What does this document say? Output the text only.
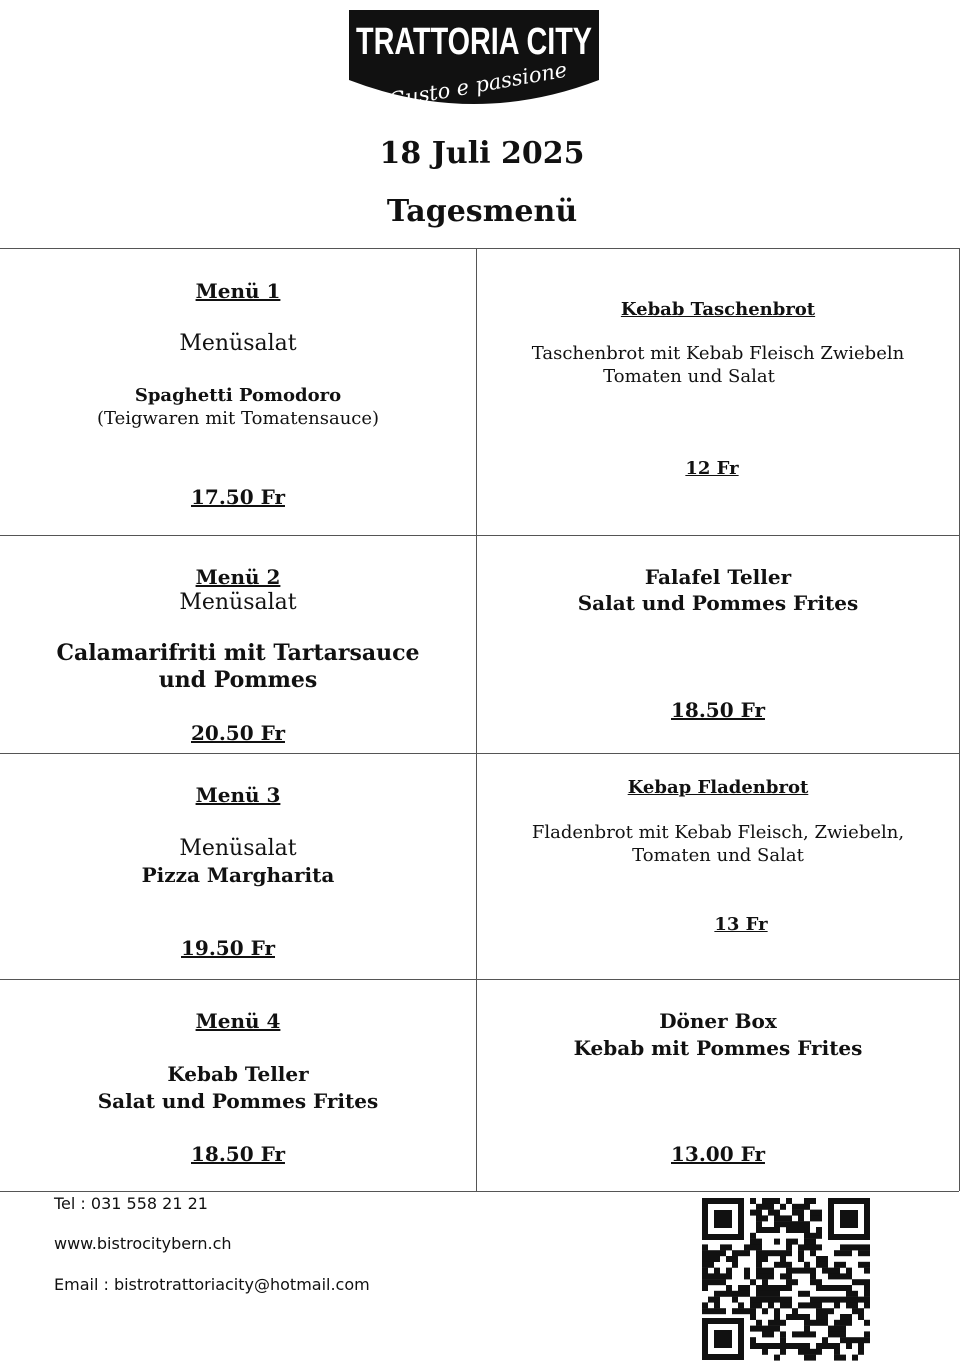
TRATTORIA CITY
Gusto e passione
18 Juli 2025
Tagesmenü
Menü 1
Menüsalat
Spaghetti Pomodoro
(Teigwaren mit Tomatensauce)
17.50 Fr
Kebab Taschenbrot
Taschenbrot mit Kebab Fleisch Zwiebeln
Tomaten und Salat
12 Fr
Menü 2
Menüsalat
Calamarifriti mit Tartarsauce
und Pommes
20.50 Fr
Falafel Teller
Salat und Pommes Frites
18.50 Fr
Menü 3
Menüsalat
Pizza Margharita
19.50 Fr
Kebap Fladenbrot
Fladenbrot mit Kebab Fleisch, Zwiebeln,
Tomaten und Salat
13 Fr
Menü 4
Kebab Teller
Salat und Pommes Frites
18.50 Fr
Döner Box
Kebab mit Pommes Frites
13.00 Fr
Tel : 031 558 21 21
www.bistrocitybern.ch
Email : bistrotrattoriacity@hotmail.com
